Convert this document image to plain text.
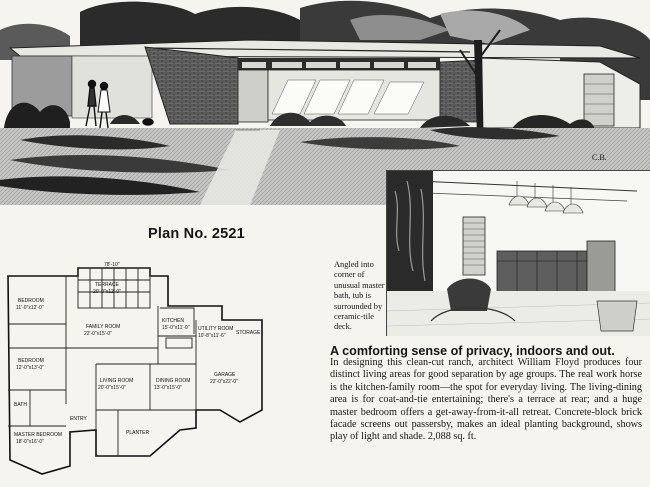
C.B.
78'-10"
TERRACE
20'-0"x12'-0"
BEDROOM
11'-0"x12'-0"
BEDROOM
12'-0"x13'-0"
FAMILY ROOM
22'-0"x15'-0"
KITCHEN
15'-0"x11'-0" UTILITY ROOM
10'-8"x11'-6" STORAGE
LIVING ROOM
20'-0"x15'-0"
DINING ROOM
13'-0"x15'-0"
GARAGE
22'-0"x22'-0"
BATH
MASTER BEDROOM
18'-0"x16'-0"
ENTRY
PLANTER
Plan No. 2521
Angled into corner of unusual master bath, tub is surrounded by ceramic-tile deck.
A comforting sense of privacy, indoors and out.
In designing this clean-cut ranch, architect William Floyd produces four distinct living areas for good separation by age groups. The real work horse is the kitchen-family room—the spot for everyday living. The living-dining area is for coat-and-tie entertaining; there's a terrace at rear; and a huge master bedroom offers a get-away-from-it-all retreat. Concrete-block brick facade screens out passersby, makes an ideal planting background, shows play of light and shade. 2,088 sq. ft.
